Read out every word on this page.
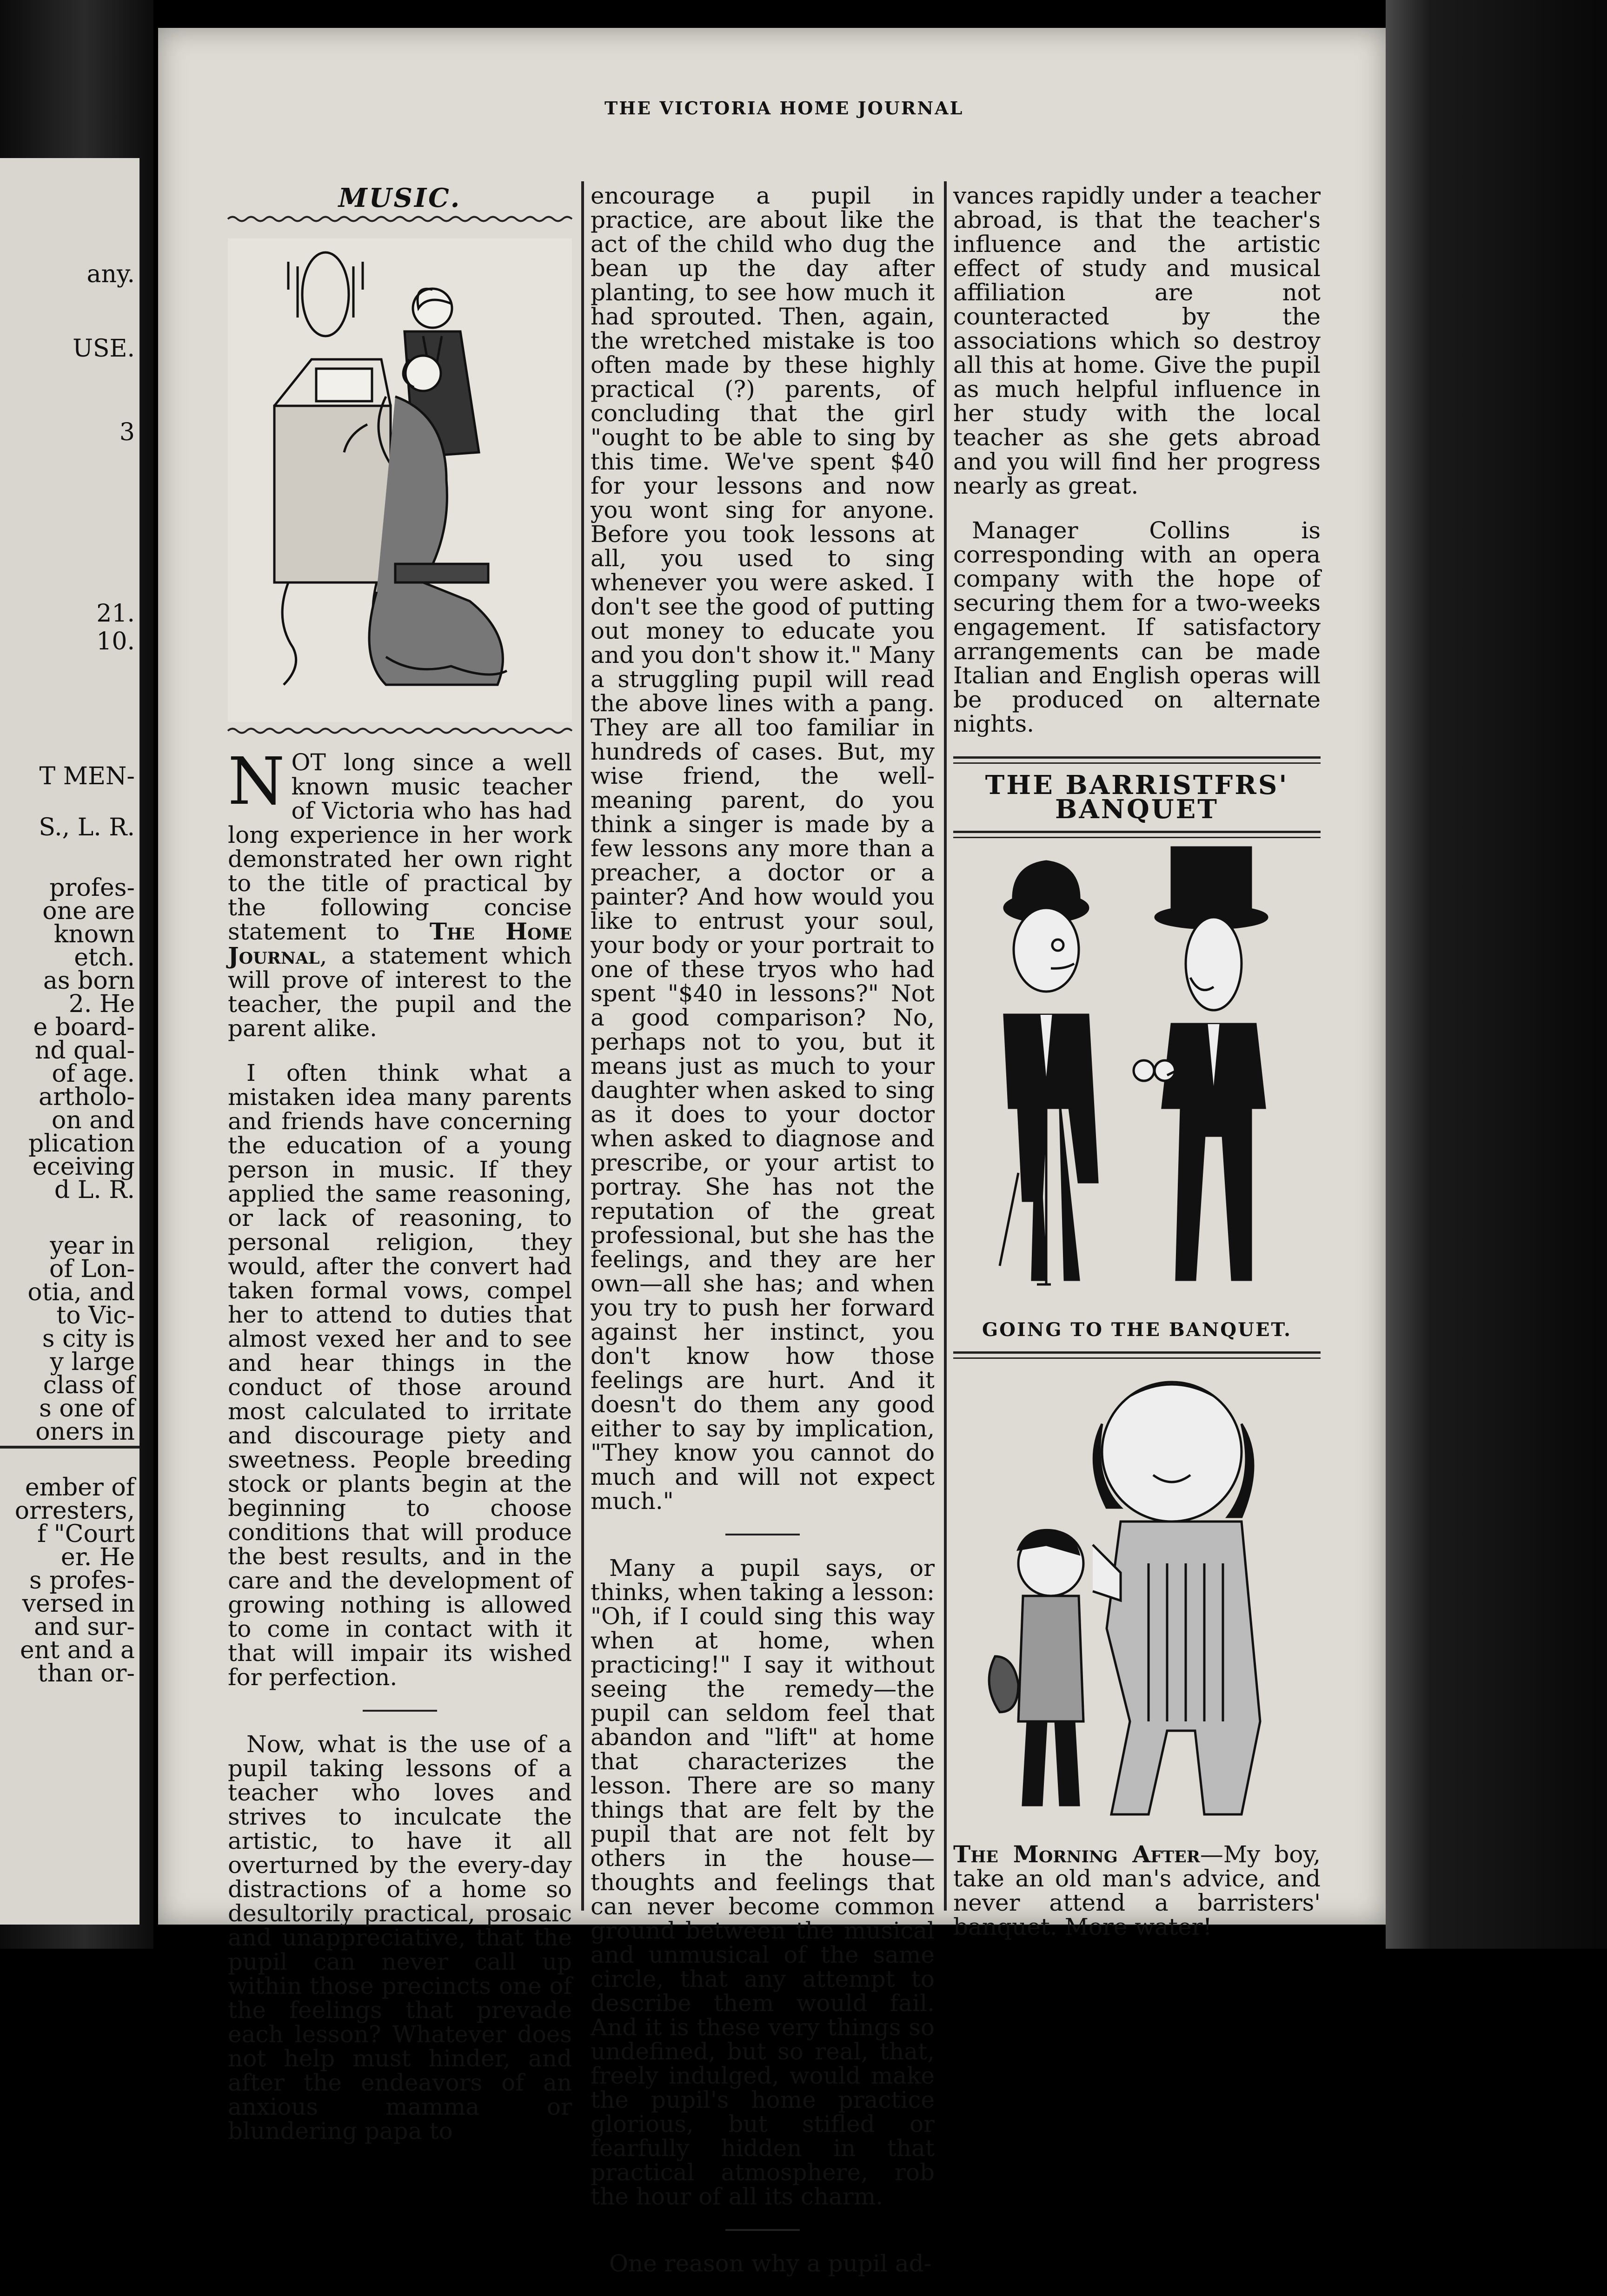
any.
USE.
3
21.
10.
T MEN-
S., L. R.
profes-
one are
known
etch.
as born
2. He
e board-
nd qual-
of age.
artholo-
on and
plication
eceiving
d L. R.
year in
of Lon-
otia, and
to Vic-
s city is
y large
class of
s one of
oners in
ember of
orresters,
f "Court
er. He
s profes-
versed in
and sur-
ent and a
than or-
THE VICTORIA HOME JOURNAL
MUSIC.

NOT long since a well known music teacher of Victoria who has had long experience in her work demonstrated her own right to the title of practical by the following concise statement to The Home Journal, a statement which will prove of interest to the teacher, the pupil and the parent alike.

I often think what a mistaken idea many parents and friends have concerning the education of a young person in music. If they applied the same reasoning, or lack of reasoning, to personal religion, they would, after the convert had taken formal vows, compel her to attend to duties that almost vexed her and to see and hear things in the conduct of those around most calculated to irritate and discourage piety and sweetness. People breeding stock or plants begin at the beginning to choose conditions that will produce the best results, and in the care and the development of growing nothing is allowed to come in contact with it that will impair its wished for perfection.

Now, what is the use of a pupil taking lessons of a teacher who loves and strives to inculcate the artistic, to have it all overturned by the every-day distractions of a home so desultorily practical, prosaic and unappreciative, that the pupil can never call up within those precincts one of the feelings that prevade each lesson? Whatever does not help must hinder, and after the endeavors of an anxious mamma or blundering papa to

encourage a pupil in practice, are about like the act of the child who dug the bean up the day after planting, to see how much it had sprouted. Then, again, the wretched mistake is too often made by these highly practical (?) parents, of concluding that the girl "ought to be able to sing by this time. We've spent $40 for your lessons and now you wont sing for anyone. Before you took lessons at all, you used to sing whenever you were asked. I don't see the good of putting out money to educate you and you don't show it." Many a struggling pupil will read the above lines with a pang. They are all too familiar in hundreds of cases. But, my wise friend, the well-meaning parent, do you think a singer is made by a few lessons any more than a preacher, a doctor or a painter? And how would you like to entrust your soul, your body or your portrait to one of these tryos who had spent "$40 in lessons?" Not a good comparison? No, perhaps not to you, but it means just as much to your daughter when asked to sing as it does to your doctor when asked to diagnose and prescribe, or your artist to portray. She has not the reputation of the great professional, but she has the feelings, and they are her own—all she has; and when you try to push her forward against her instinct, you don't know how those feelings are hurt. And it doesn't do them any good either to say by implication, "They know you cannot do much and will not expect much."

Many a pupil says, or thinks, when taking a lesson: "Oh, if I could sing this way when at home, when practicing!" I say it without seeing the remedy—the pupil can seldom feel that abandon and "lift" at home that characterizes the lesson. There are so many things that are felt by the pupil that are not felt by others in the house—thoughts and feelings that can never become common ground between the musical and unmusical of the same circle, that any attempt to describe them would fail. And it is these very things so undefined, but so real, that, freely indulged, would make the pupil's home practice glorious, but stifled or fearfully hidden in that practical atmosphere, rob the hour of all its charm.

One reason why a pupil ad-

vances rapidly under a teacher abroad, is that the teacher's influence and the artistic effect of study and musical affiliation are not counteracted by the associations which so destroy all this at home. Give the pupil as much helpful influence in her study with the local teacher as she gets abroad and you will find her progress nearly as great.

Manager Collins is corresponding with an opera company with the hope of securing them for a two-weeks engagement. If satisfactory arrangements can be made Italian and English operas will be produced on alternate nights.

THE BARRISTFRS' BANQUET
GOING TO THE BANQUET.

The Morning After—My boy, take an old man's advice, and never attend a barristers' banquet. More water!
